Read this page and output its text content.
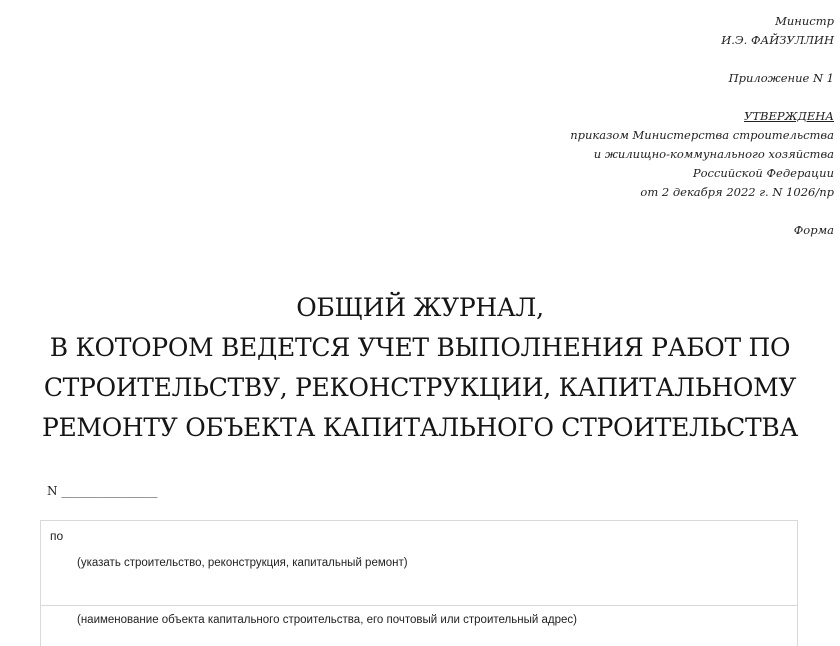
Министр
И.Э. ФАЙЗУЛЛИН
Приложение N 1
УТВЕРЖДЕНА
приказом Министерства строительства
и жилищно-коммунального хозяйства
Российской Федерации
от 2 декабря 2022 г. N 1026/пр
Форма
ОБЩИЙ ЖУРНАЛ,
В КОТОРОМ ВЕДЕТСЯ УЧЕТ ВЫПОЛНЕНИЯ РАБОТ ПО
СТРОИТЕЛЬСТВУ, РЕКОНСТРУКЦИИ, КАПИТАЛЬНОМУ
РЕМОНТУ ОБЪЕКТА КАПИТАЛЬНОГО СТРОИТЕЛЬСТВА
N ________________
по
(указать строительство, реконструкция, капитальный ремонт)
(наименование объекта капитального строительства, его почтовый или строительный адрес)
